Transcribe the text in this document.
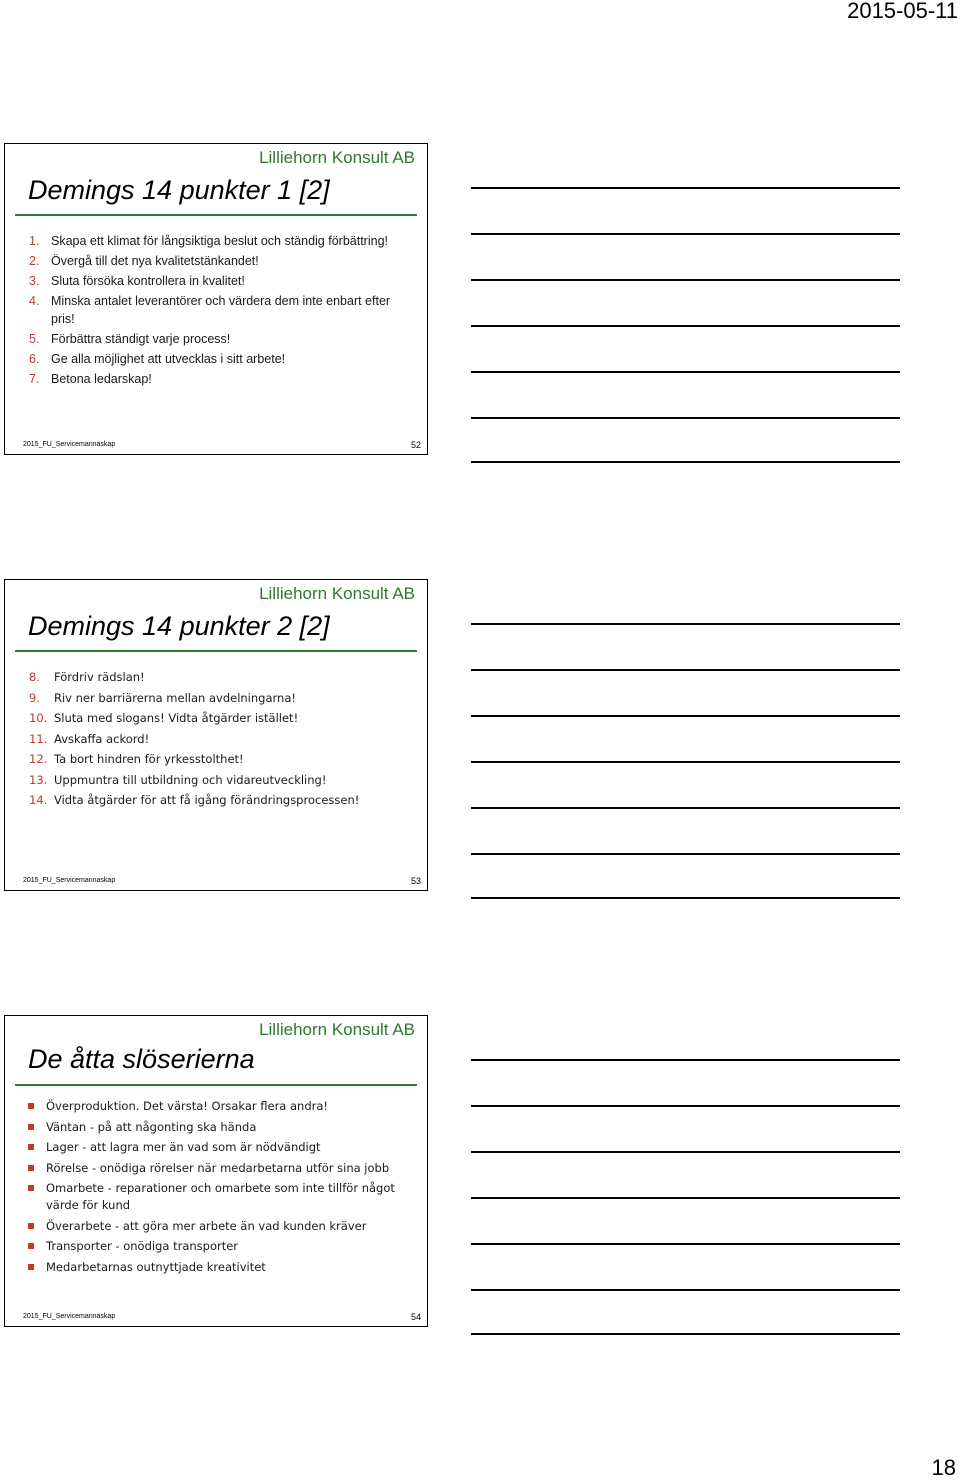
2015-05-11
Lilliehorn Konsult AB
Demings 14 punkter 1 [2]
1. Skapa ett klimat för långsiktiga beslut och ständig förbättring!
2. Övergå till det nya kvalitetstänkandet!
3. Sluta försöka kontrollera in kvalitet!
4. Minska antalet leverantörer och värdera dem inte enbart efter pris!
5. Förbättra ständigt varje process!
6. Ge alla möjlighet att utvecklas i sitt arbete!
7. Betona ledarskap!
2015_FU_Servicemannaskap	52
Lilliehorn Konsult AB
Demings 14 punkter 2 [2]
8.	Fördriv rädslan!
9.	Riv ner barriärerna mellan avdelningarna!
10. Sluta med slogans! Vidta åtgärder istället!
11. Avskaffa ackord!
12. Ta bort hindren för yrkesstolthet!
13. Uppmuntra till utbildning och vidareutveckling!
14. Vidta åtgärder för att få igång förändringsprocessen!
2015_FU_Servicemannaskap	53
Lilliehorn Konsult AB
De åtta slöserierna
Överproduktion. Det värsta! Orsakar flera andra!
Väntan - på att någonting ska hända
Lager - att lagra mer än vad som är nödvändigt
Rörelse - onödiga rörelser när medarbetarna utför sina jobb
Omarbete - reparationer och omarbete som inte tillför något värde för kund
Överarbete - att göra mer arbete än vad kunden kräver
Transporter - onödiga transporter
Medarbetarnas outnyttjade kreativitet
2015_FU_Servicemannaskap	54
18
